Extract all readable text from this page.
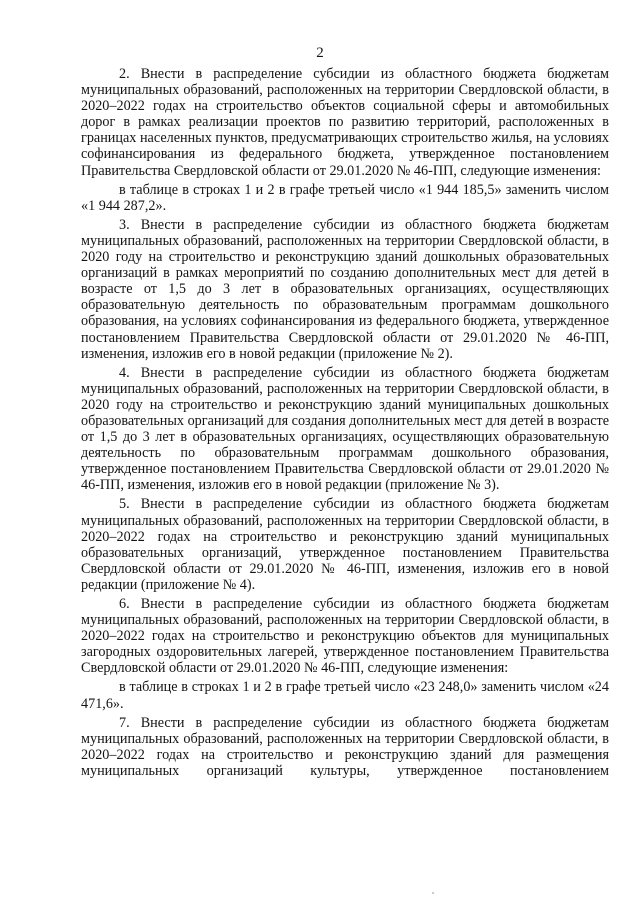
2

2. Внести в распределение субсидии из областного бюджета бюджетам муниципальных образований, расположенных на территории Свердловской области, в 2020–2022 годах на строительство объектов социальной сферы и автомобильных дорог в рамках реализации проектов по развитию территорий, расположенных в границах населенных пунктов, предусматривающих строительство жилья, на условиях софинансирования из федерального бюджета, утвержденное постановлением Правительства Свердловской области от 29.01.2020 № 46-ПП, следующие изменения:

в таблице в строках 1 и 2 в графе третьей число «1 944 185,5» заменить числом «1 944 287,2».

3. Внести в распределение субсидии из областного бюджета бюджетам муниципальных образований, расположенных на территории Свердловской области, в 2020 году на строительство и реконструкцию зданий дошкольных образовательных организаций в рамках мероприятий по созданию дополнительных мест для детей в возрасте от 1,5 до 3 лет в образовательных организациях, осуществляющих образовательную деятельность по образовательным программам дошкольного образования, на условиях софинансирования из федерального бюджета, утвержденное постановлением Правительства Свердловской области от 29.01.2020 № 46-ПП, изменения, изложив его в новой редакции (приложение № 2).

4. Внести в распределение субсидии из областного бюджета бюджетам муниципальных образований, расположенных на территории Свердловской области, в 2020 году на строительство и реконструкцию зданий муниципальных дошкольных образовательных организаций для создания дополнительных мест для детей в возрасте от 1,5 до 3 лет в образовательных организациях, осуществляющих образовательную деятельность по образовательным программам дошкольного образования, утвержденное постановлением Правительства Свердловской области от 29.01.2020 № 46-ПП, изменения, изложив его в новой редакции (приложение № 3).

5. Внести в распределение субсидии из областного бюджета бюджетам муниципальных образований, расположенных на территории Свердловской области, в 2020–2022 годах на строительство и реконструкцию зданий муниципальных образовательных организаций, утвержденное постановлением Правительства Свердловской области от 29.01.2020 № 46-ПП, изменения, изложив его в новой редакции (приложение № 4).

6. Внести в распределение субсидии из областного бюджета бюджетам муниципальных образований, расположенных на территории Свердловской области, в 2020–2022 годах на строительство и реконструкцию объектов для муниципальных загородных оздоровительных лагерей, утвержденное постановлением Правительства Свердловской области от 29.01.2020 № 46-ПП, следующие изменения:

в таблице в строках 1 и 2 в графе третьей число «23 248,0» заменить числом «24 471,6».

7. Внести в распределение субсидии из областного бюджета бюджетам муниципальных образований, расположенных на территории Свердловской области, в 2020–2022 годах на строительство и реконструкцию зданий для размещения муниципальных организаций культуры, утвержденное постановлением
